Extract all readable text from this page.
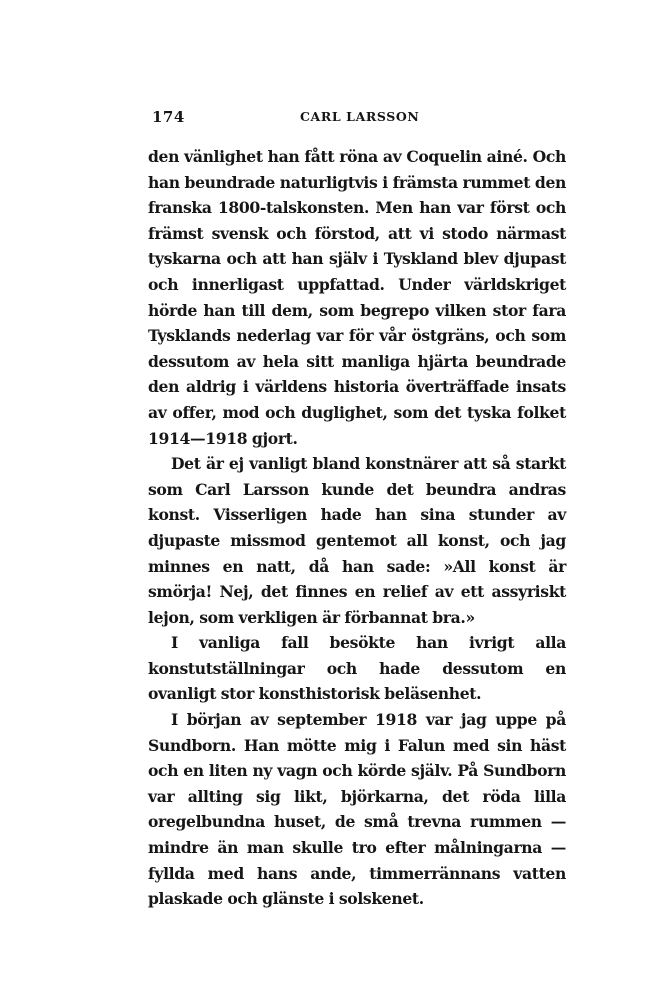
174	CARL LARSSON

den vänlighet han fått röna av Coquelin ainé. Och han beundrade naturligtvis i främsta rummet den franska 1800-talskonsten. Men han var först och främst svensk och förstod, att vi stodo närmast tyskarna och att han själv i Tyskland blev djupast och innerligast uppfattad. Under världskriget hörde han till dem, som begrepo vilken stor fara Tysklands nederlag var för vår östgräns, och som dessutom av hela sitt manliga hjärta beundrade den aldrig i världens historia överträffade insats av offer, mod och duglighet, som det tyska folket 1914—1918 gjort.

Det är ej vanligt bland konstnärer att så starkt som Carl Larsson kunde det beundra andras konst. Visserligen hade han sina stunder av djupaste missmod gentemot all konst, och jag minnes en natt, då han sade: »All konst är smörja! Nej, det finnes en relief av ett assyriskt lejon, som verkligen är förbannat bra.»

I vanliga fall besökte han ivrigt alla konstutställningar och hade dessutom en ovanligt stor konsthistorisk beläsenhet.

I början av september 1918 var jag uppe på Sundborn. Han mötte mig i Falun med sin häst och en liten ny vagn och körde själv. På Sundborn var allting sig likt, björkarna, det röda lilla oregelbundna huset, de små trevna rummen — mindre än man skulle tro efter målningarna — fyllda med hans ande, timmerrännans vatten plaskade och glänste i solskenet.
